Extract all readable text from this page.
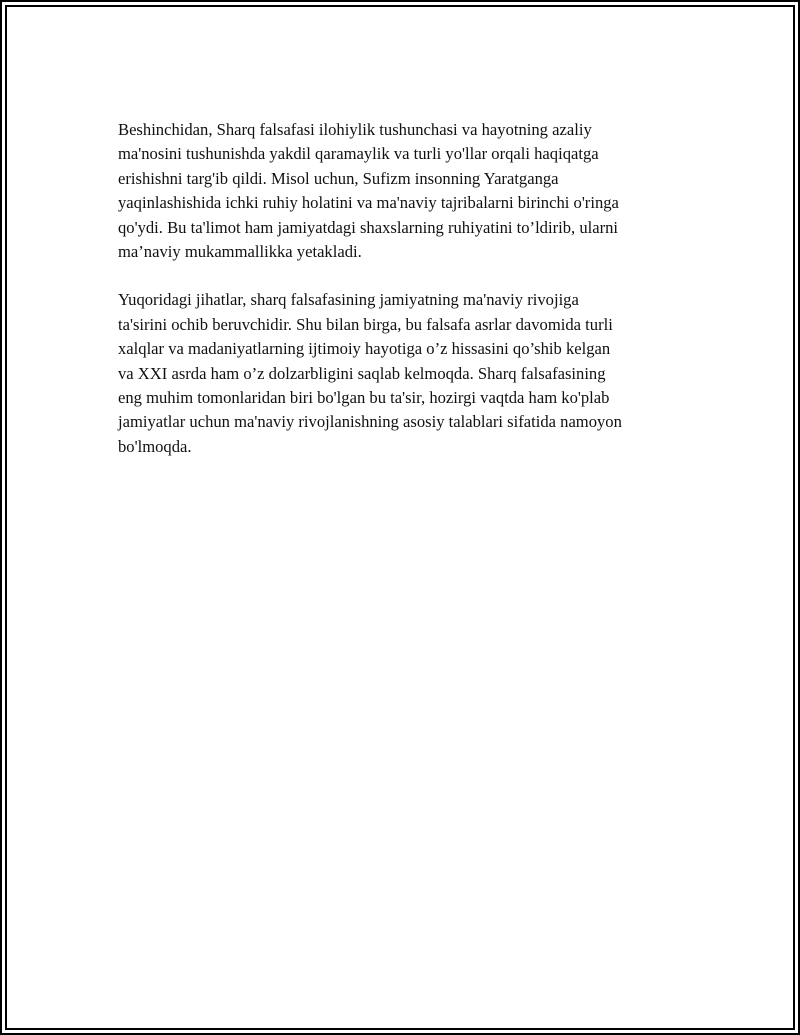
Beshinchidan, Sharq falsafasi ilohiylik tushunchasi va hayotning azaliy
ma'nosini tushunishda yakdil qaramaylik va turli yo'llar orqali haqiqatga
erishishni targ'ib qildi. Misol uchun, Sufizm insonning Yaratganga
yaqinlashishida ichki ruhiy holatini va ma'naviy tajribalarni birinchi o'ringa
qo'ydi. Bu ta'limot ham jamiyatdagi shaxslarning ruhiyatini to’ldirib, ularni
ma’naviy mukammallikka yetakladi.

Yuqoridagi jihatlar, sharq falsafasining jamiyatning ma'naviy rivojiga
ta'sirini ochib beruvchidir. Shu bilan birga, bu falsafa asrlar davomida turli
xalqlar va madaniyatlarning ijtimoiy hayotiga o’z hissasini qo’shib kelgan
va XXI asrda ham o’z dolzarbligini saqlab kelmoqda. Sharq falsafasining
eng muhim tomonlaridan biri bo'lgan bu ta'sir, hozirgi vaqtda ham ko'plab
jamiyatlar uchun ma'naviy rivojlanishning asosiy talablari sifatida namoyon
bo'lmoqda.
